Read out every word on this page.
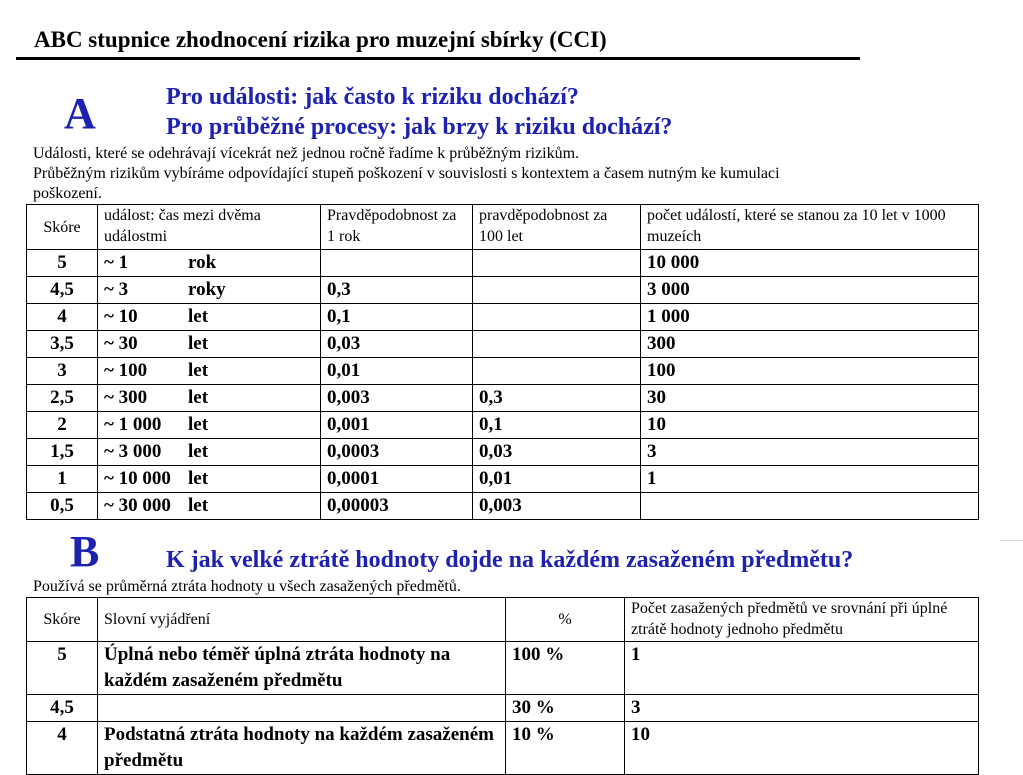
ABC stupnice zhodnocení rizika pro muzejní sbírky (CCI)
A	Pro události: jak často k riziku dochází?
Pro průběžné procesy: jak brzy k riziku dochází?
Události, které se odehrávají vícekrát než jednou ročně řadíme k průběžným rizikům.
Průběžným rizikům vybíráme odpovídající stupeň poškození v souvislosti s kontextem a časem nutným ke kumulaci
poškození.
Skóre	událost: čas mezi dvěma událostmi	Pravděpodobnost za 1 rok	pravděpodobnost za 100 let	počet událostí, které se stanou za 10 let v 1000 muzeích
5	~ 1 rok			10 000
4,5	~ 3 roky	0,3		3 000
4	~ 10 let	0,1		1 000
3,5	~ 30 let	0,03		300
3	~ 100 let	0,01		100
2,5	~ 300 let	0,003	0,3	30
2	~ 1 000 let	0,001	0,1	10
1,5	~ 3 000 let	0,0003	0,03	3
1	~ 10 000 let	0,0001	0,01	1
0,5	~ 30 000 let	0,00003	0,003	
B	K jak velké ztrátě hodnoty dojde na každém zasaženém předmětu?
Používá se průměrná ztráta hodnoty u všech zasažených předmětů.
Skóre	Slovní vyjádření	%	Počet zasažených předmětů ve srovnání při úplné ztrátě hodnoty jednoho předmětu
5	Úplná nebo téměř úplná ztráta hodnoty na každém zasaženém předmětu	100 %	1
4,5		30 %	3
4	Podstatná ztráta hodnoty na každém zasaženém předmětu	10 %	10
